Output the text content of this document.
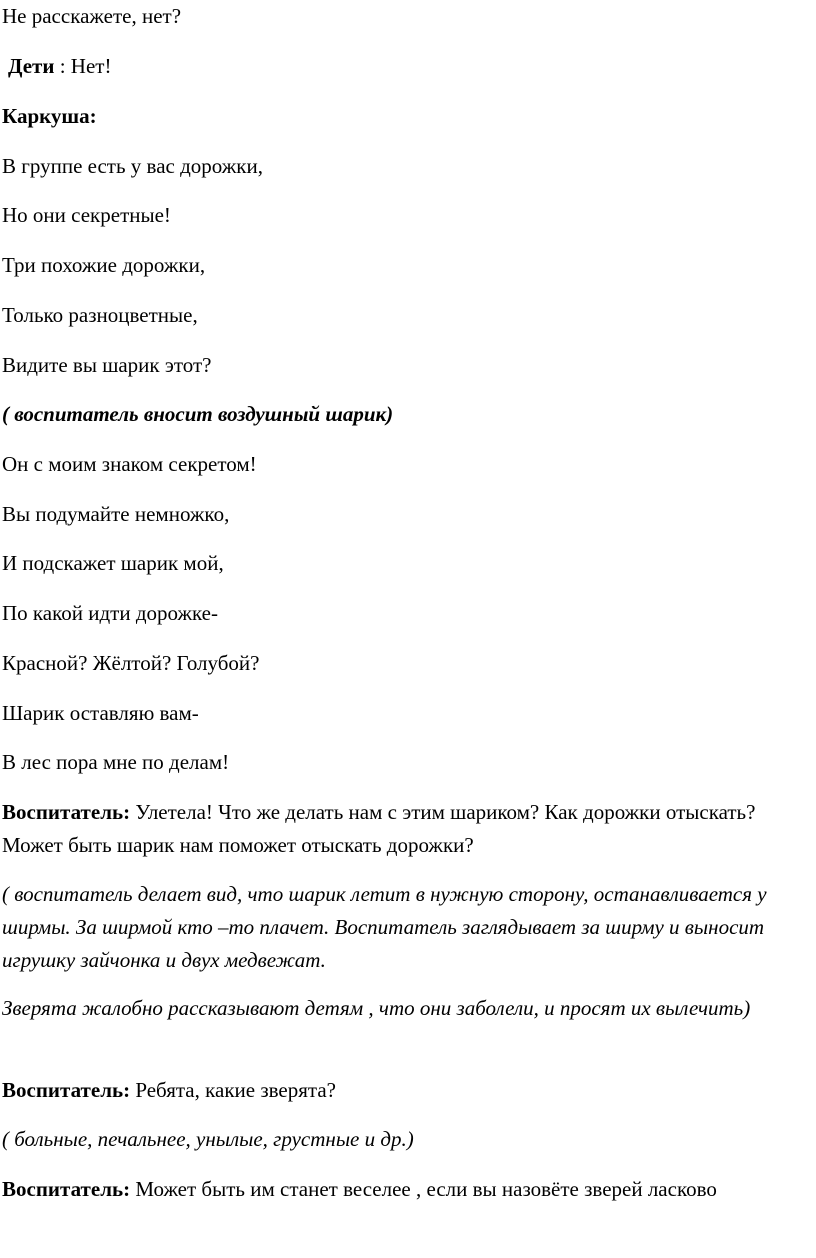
Не расскажете, нет?

Дети : Нет!

Каркуша:

В группе есть у вас дорожки,

Но они секретные!

Три похожие дорожки,

Только разноцветные,

Видите вы шарик этот?

( воспитатель вносит воздушный шарик)

Он с моим знаком секретом!

Вы подумайте немножко,

И подскажет шарик мой,

По какой идти дорожке-

Красной? Жёлтой? Голубой?

Шарик оставляю вам-

В лес пора мне по делам!

Воспитатель: Улетела! Что же делать нам с этим шариком? Как дорожки отыскать? Может быть шарик нам поможет отыскать дорожки?

( воспитатель делает вид, что шарик летит в нужную сторону, останавливается у ширмы. За ширмой кто –то плачет. Воспитатель заглядывает за ширму и выносит игрушку зайчонка и двух медвежат.

Зверята жалобно рассказывают детям , что они заболели, и просят их вылечить)

Воспитатель: Ребята, какие зверята?

( больные, печальнее, унылые, грустные и др.)

Воспитатель: Может быть им станет веселее , если вы назовёте зверей ласково
